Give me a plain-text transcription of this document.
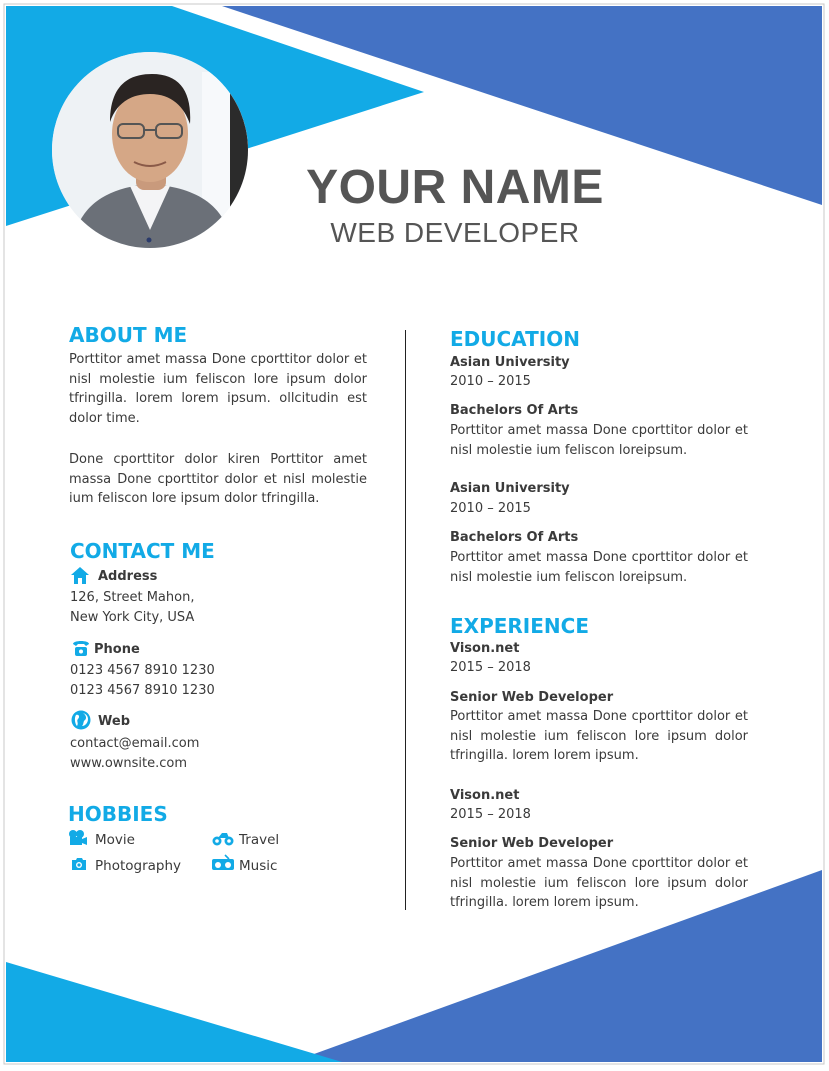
YOUR NAME
WEB DEVELOPER
ABOUT ME
Porttitor amet massa Done cporttitor dolor et
nisl molestie ium feliscon lore ipsum dolor
tfringilla. lorem lorem ipsum. ollcitudin est
dolor time.
Done cporttitor dolor kiren Porttitor amet
massa Done cporttitor dolor et nisl molestie
ium feliscon lore ipsum dolor tfringilla.
CONTACT ME
Address
126, Street Mahon,
New York City, USA
Phone
0123 4567 8910 1230
0123 4567 8910 1230
Web
contact@email.com
www.ownsite.com
HOBBIES
Movie	Travel
Photography	Music
EDUCATION
Asian University
2010 – 2015
Bachelors Of Arts
Porttitor amet massa Done cporttitor dolor et
nisl molestie ium feliscon loreipsum.
Asian University
2010 – 2015
Bachelors Of Arts
Porttitor amet massa Done cporttitor dolor et
nisl molestie ium feliscon loreipsum.
EXPERIENCE
Vison.net
2015 – 2018
Senior Web Developer
Porttitor amet massa Done cporttitor dolor et
nisl molestie ium feliscon lore ipsum dolor
tfringilla. lorem lorem ipsum.
Vison.net
2015 – 2018
Senior Web Developer
Porttitor amet massa Done cporttitor dolor et
nisl molestie ium feliscon lore ipsum dolor
tfringilla. lorem lorem ipsum.
